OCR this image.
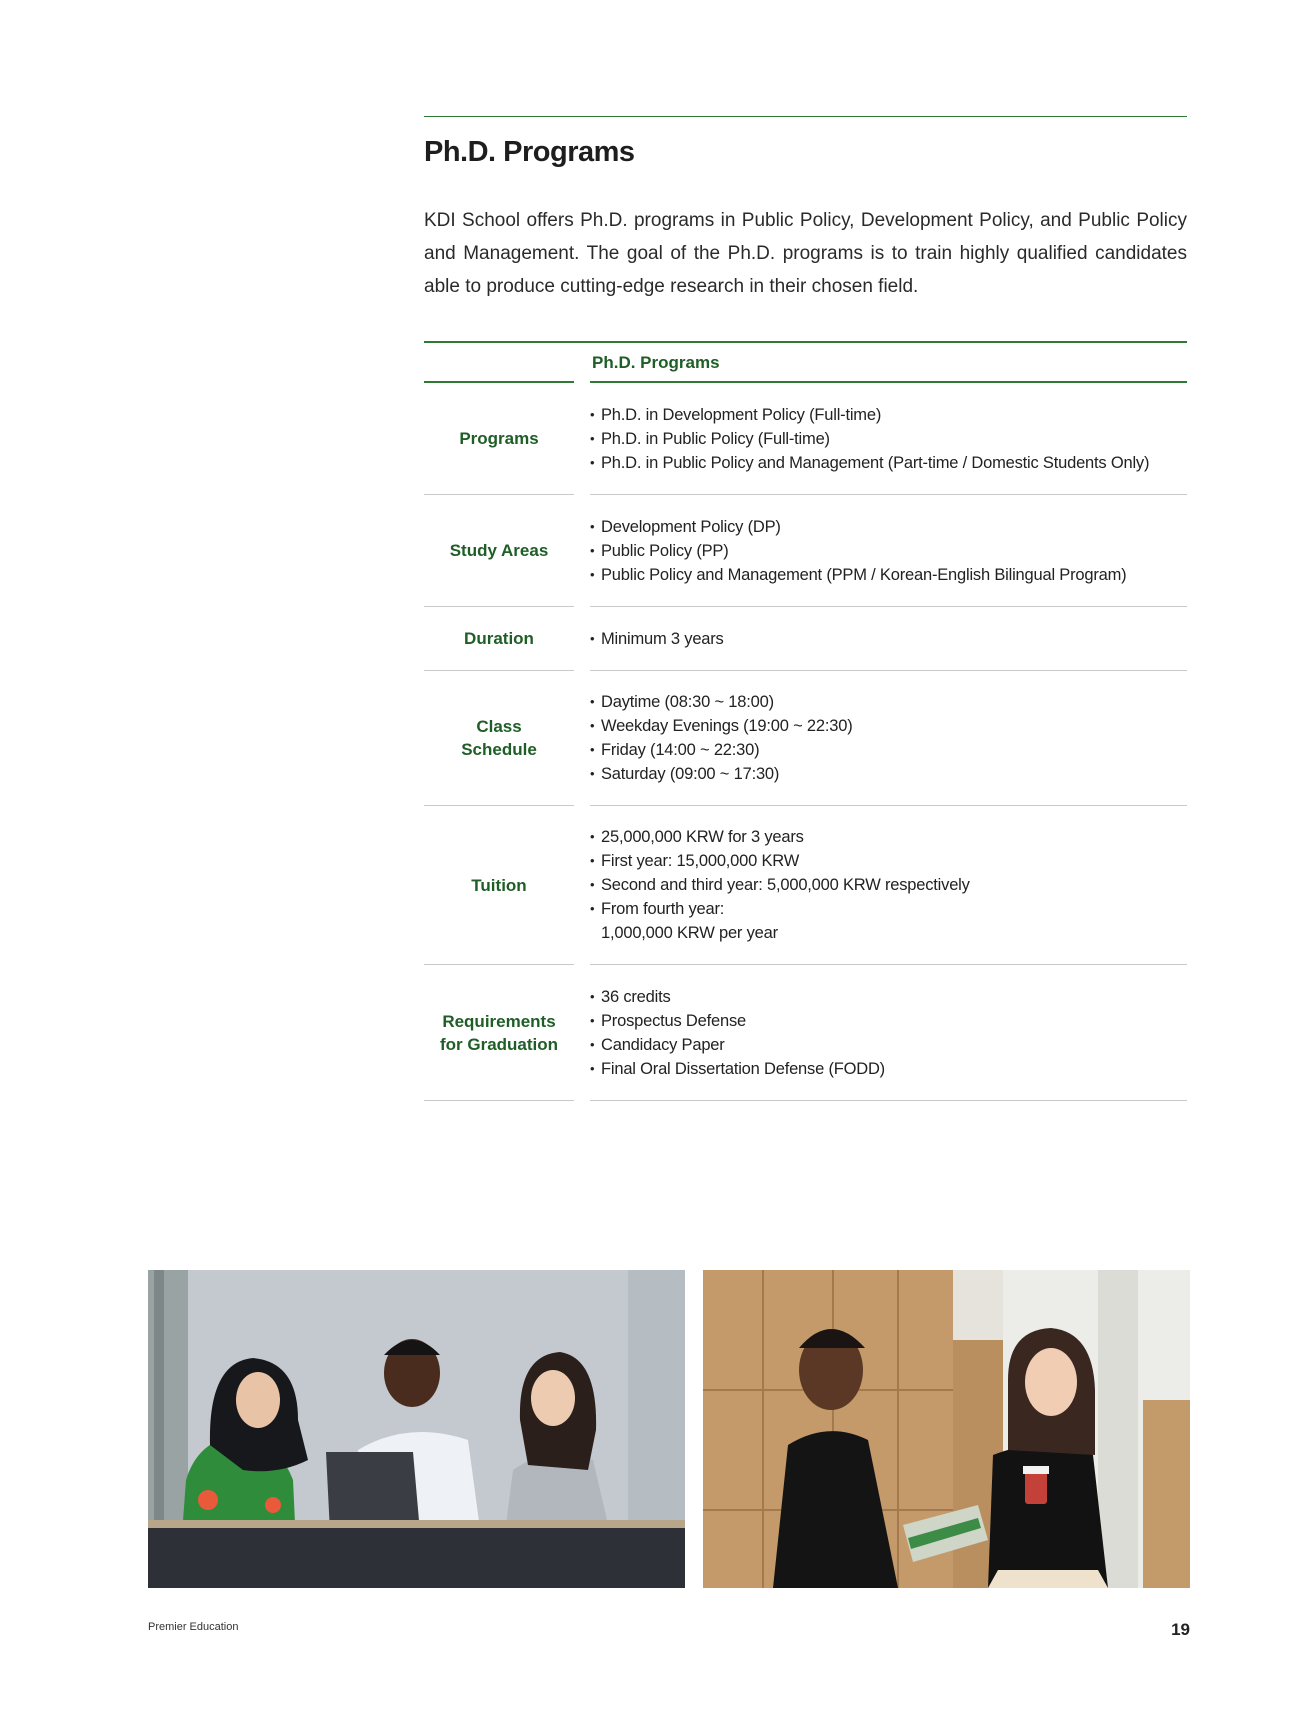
Ph.D. Programs

KDI School offers Ph.D. programs in Public Policy, Development Policy, and Public Policy and Management. The goal of the Ph.D. programs is to train highly qualified candidates able to produce cutting-edge research in their chosen field.

Ph.D. Programs
Programs
• Ph.D. in Development Policy (Full-time)
• Ph.D. in Public Policy (Full-time)
• Ph.D. in Public Policy and Management (Part-time / Domestic Students Only)
Study Areas
• Development Policy (DP)
• Public Policy (PP)
• Public Policy and Management (PPM / Korean-English Bilingual Program)
Duration
•	Minimum 3 years
Class
Schedule
• Daytime (08:30 ~ 18:00)
• Weekday Evenings (19:00 ~ 22:30)
• Friday (14:00 ~ 22:30)
• Saturday (09:00 ~ 17:30)
Tuition
• 25,000,000 KRW for 3 years
• First year: 15,000,000 KRW
• Second and third year: 5,000,000 KRW respectively
• From fourth year:
1,000,000 KRW per year
Requirements
for Graduation
• 36 credits
• Prospectus Defense
• Candidacy Paper
• Final Oral Dissertation Defense (FODD)
Premier Education	19
